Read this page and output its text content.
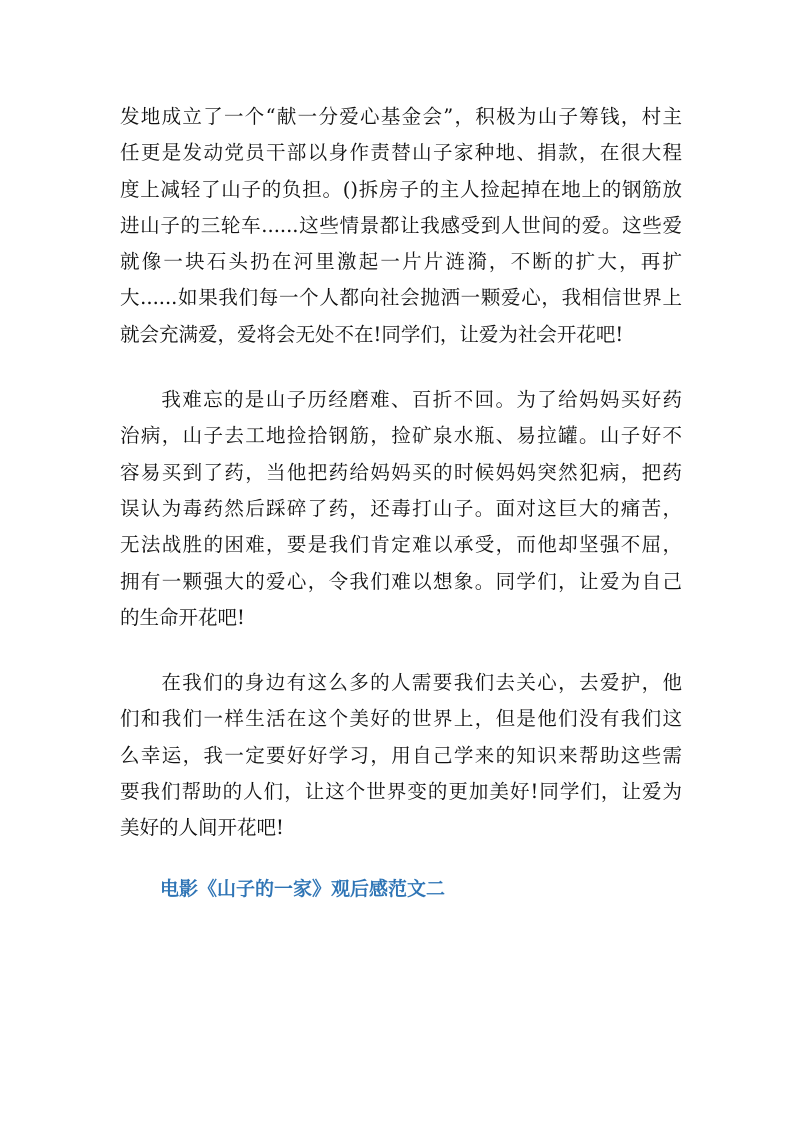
发地成立了一个“献一分爱心基金会”，积极为山子筹钱，村主
任更是发动党员干部以身作责替山子家种地、捐款，在很大程
度上减轻了山子的负担。()拆房子的主人捡起掉在地上的钢筋放
进山子的三轮车......这些情景都让我感受到人世间的爱。这些爱
就像一块石头扔在河里激起一片片涟漪，不断的扩大，再扩
大......如果我们每一个人都向社会抛洒一颗爱心，我相信世界上
就会充满爱，爱将会无处不在!同学们，让爱为社会开花吧!

我难忘的是山子历经磨难、百折不回。为了给妈妈买好药
治病，山子去工地捡拾钢筋，捡矿泉水瓶、易拉罐。山子好不
容易买到了药，当他把药给妈妈买的时候妈妈突然犯病，把药
误认为毒药然后踩碎了药，还毒打山子。面对这巨大的痛苦，
无法战胜的困难，要是我们肯定难以承受，而他却坚强不屈，
拥有一颗强大的爱心，令我们难以想象。同学们，让爱为自己
的生命开花吧!

在我们的身边有这么多的人需要我们去关心，去爱护，他
们和我们一样生活在这个美好的世界上，但是他们没有我们这
么幸运，我一定要好好学习，用自己学来的知识来帮助这些需
要我们帮助的人们，让这个世界变的更加美好!同学们，让爱为
美好的人间开花吧!

电影《山子的一家》观后感范文二
